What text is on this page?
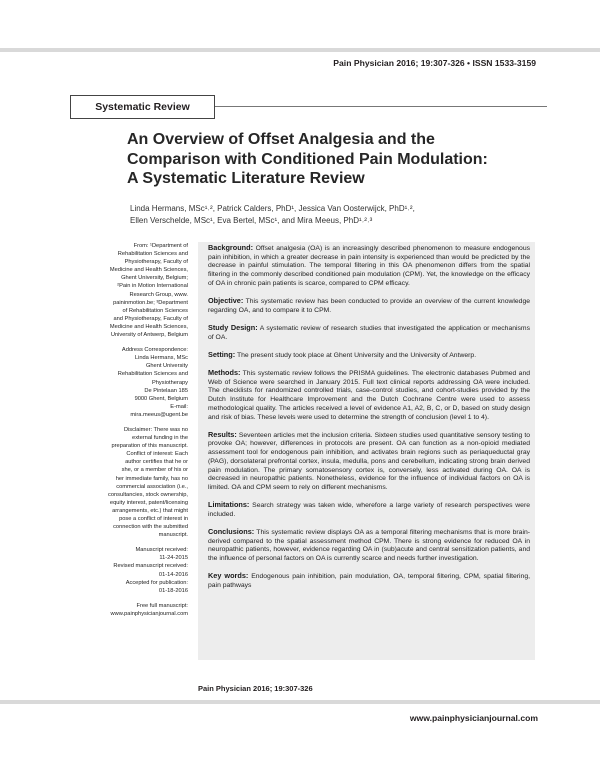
Pain Physician 2016; 19:307-326 • ISSN 1533-3159
Systematic Review
An Overview of Offset Analgesia and the
Comparison with Conditioned Pain Modulation:
A Systematic Literature Review
Linda Hermans, MSc¹˒², Patrick Calders, PhD¹, Jessica Van Oosterwijck, PhD¹˒²,
Ellen Verschelde, MSc¹, Eva Bertel, MSc¹, and Mira Meeus, PhD¹˒²˒³
From: ¹Department of
Rehabilitation Sciences and
Physiotherapy, Faculty of
Medicine and Health Sciences,
Ghent University, Belgium;
²Pain in Motion International
Research Group, www.
paininmotion.be; ³Department
of Rehabilitation Sciences
and Physiotherapy, Faculty of
Medicine and Health Sciences,
University of Antwerp, Belgium
Address Correspondence:
Linda Hermans, MSc
Ghent University
Rehabilitation Sciences and
Physiotherapy
De Pintelaan 185
9000 Ghent, Belgium
E-mail:
mira.meeus@ugent.be
Disclaimer: There was no
external funding in the
preparation of this manuscript.
Conflict of interest: Each
author certifies that he or
she, or a member of his or
her immediate family, has no
commercial association (i.e.,
consultancies, stock ownership,
equity interest, patent/licensing
arrangements, etc.) that might
pose a conflict of interest in
connection with the submitted
manuscript.
Manuscript received:
11-24-2015
Revised manuscript received:
01-14-2016
Accepted for publication:
01-18-2016
Free full manuscript:
www.painphysicianjournal.com

Background: Offset analgesia (OA) is an increasingly described phenomenon to measure endogenous pain inhibition, in which a greater decrease in pain intensity is experienced than would be predicted by the decrease in painful stimulation. The temporal filtering in this OA phenomenon differs from the spatial filtering in the commonly described conditioned pain modulation (CPM). Yet, the knowledge on the efficacy of OA in chronic pain patients is scarce, compared to CPM efficacy.

Objective: This systematic review has been conducted to provide an overview of the current knowledge regarding OA, and to compare it to CPM.

Study Design: A systematic review of research studies that investigated the application or mechanisms of OA.

Setting: The present study took place at Ghent University and the University of Antwerp.

Methods: This systematic review follows the PRISMA guidelines. The electronic databases Pubmed and Web of Science were searched in January 2015. Full text clinical reports addressing OA were included. The checklists for randomized controlled trials, case-control studies, and cohort-studies provided by the Dutch Institute for Healthcare Improvement and the Dutch Cochrane Centre were used to assess methodological quality. The articles received a level of evidence A1, A2, B, C, or D, based on study design and risk of bias. These levels were used to determine the strength of conclusion (level 1 to 4).

Results: Seventeen articles met the inclusion criteria. Sixteen studies used quantitative sensory testing to provoke OA; however, differences in protocols are present. OA can function as a non-opioid mediated assessment tool for endogenous pain inhibition, and activates brain regions such as periaqueductal gray (PAG), dorsolateral prefrontal cortex, insula, medulla, pons and cerebellum, indicating strong brain derived pain modulation. The primary somatosensory cortex is, conversely, less activated during OA. OA is decreased in neuropathic patients. Nonetheless, evidence for the influence of individual factors on OA is limited. OA and CPM seem to rely on different mechanisms.

Limitations: Search strategy was taken wide, wherefore a large variety of research perspectives were included.

Conclusions: This systematic review displays OA as a temporal filtering mechanisms that is more brain-derived compared to the spatial assessment method CPM. There is strong evidence for reduced OA in neuropathic patients, however, evidence regarding OA in (sub)acute and central sensitization patients, and the influence of personal factors on OA is currently scarce and needs further investigation.

Key words: Endogenous pain inhibition, pain modulation, OA, temporal filtering, CPM, spatial filtering, pain pathways

Pain Physician 2016; 19:307-326
www.painphysicianjournal.com
